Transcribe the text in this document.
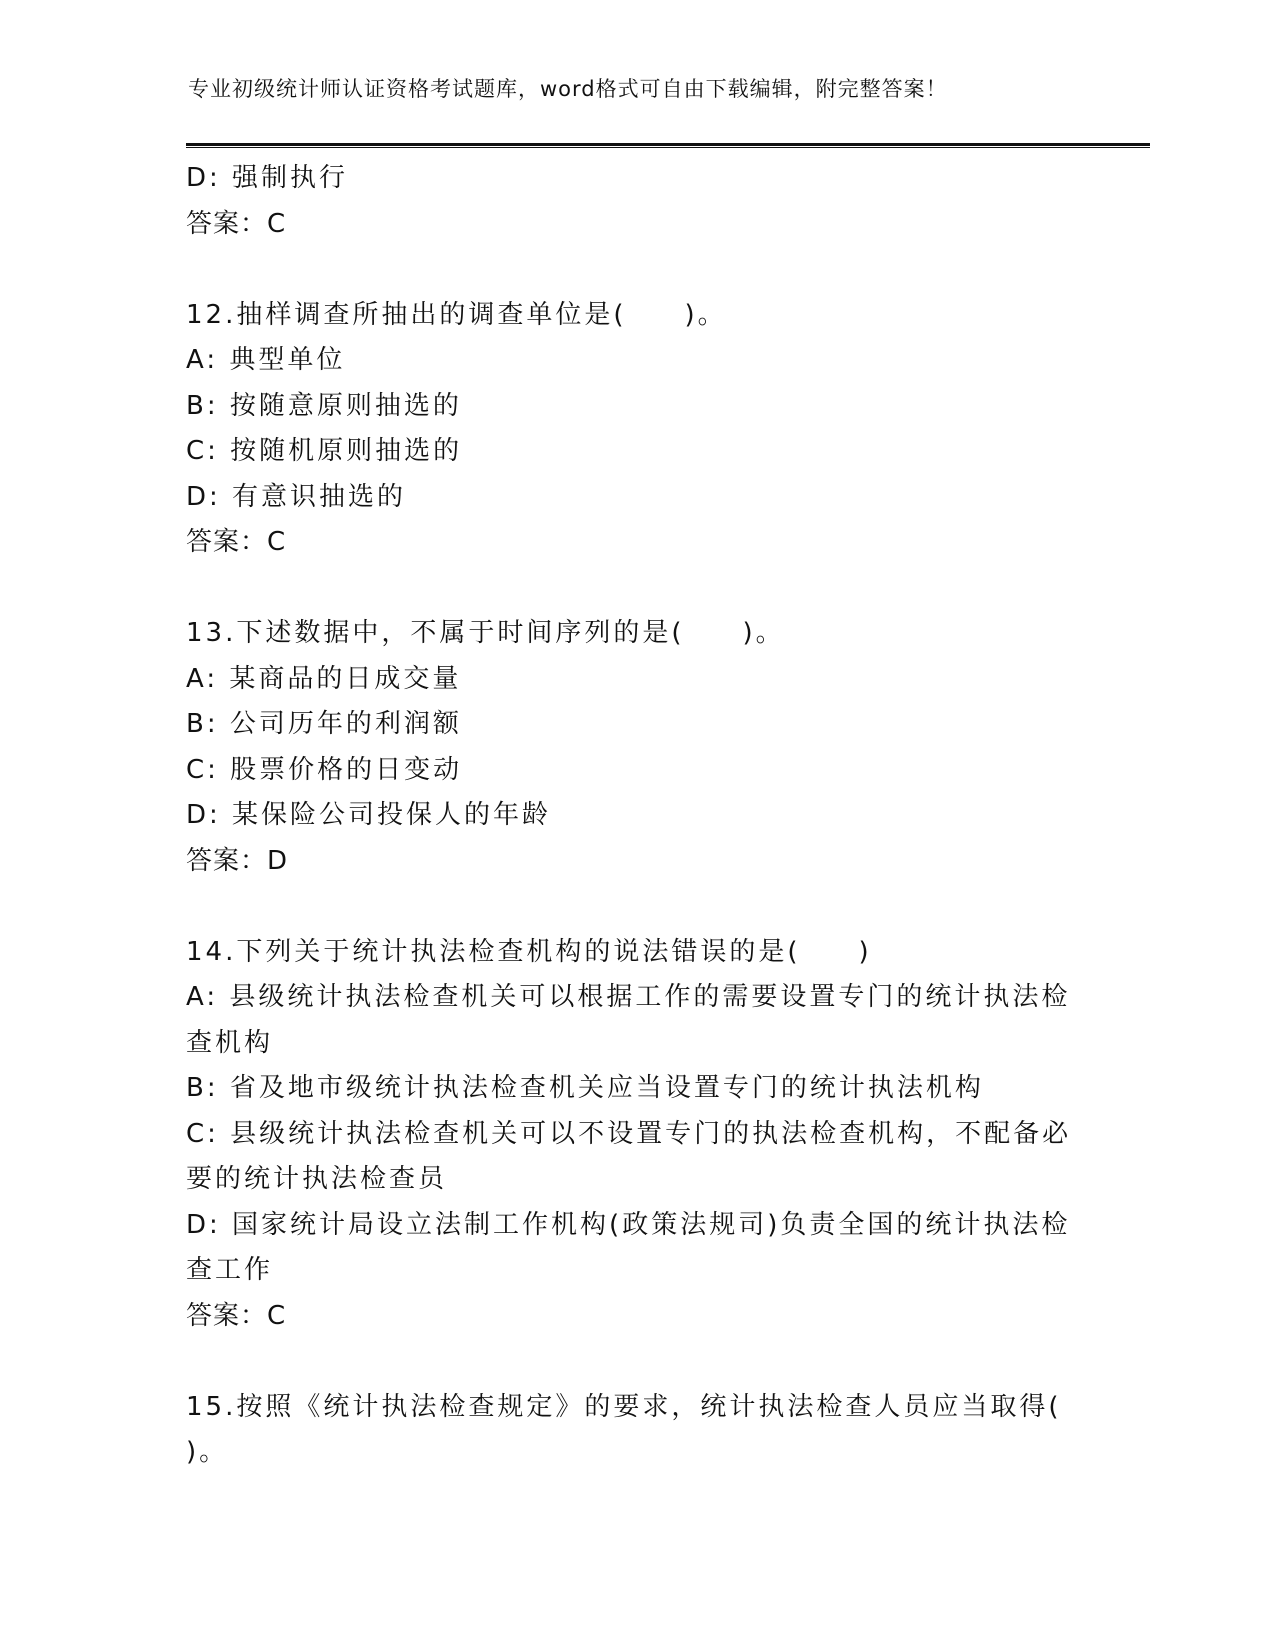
专业初级统计师认证资格考试题库，word格式可自由下载编辑，附完整答案！
D: 强制执行
答案：C
12.抽样调查所抽出的调查单位是(　　)。
A: 典型单位
B: 按随意原则抽选的
C: 按随机原则抽选的
D: 有意识抽选的
答案：C
13.下述数据中，不属于时间序列的是(　　)。
A: 某商品的日成交量
B: 公司历年的利润额
C: 股票价格的日变动
D: 某保险公司投保人的年龄
答案：D
14.下列关于统计执法检查机构的说法错误的是(　　)
A: 县级统计执法检查机关可以根据工作的需要设置专门的统计执法检
查机构
B: 省及地市级统计执法检查机关应当设置专门的统计执法机构
C: 县级统计执法检查机关可以不设置专门的执法检查机构，不配备必
要的统计执法检查员
D: 国家统计局设立法制工作机构(政策法规司)负责全国的统计执法检
查工作
答案：C
15.按照《统计执法检查规定》的要求，统计执法检查人员应当取得(
)。
